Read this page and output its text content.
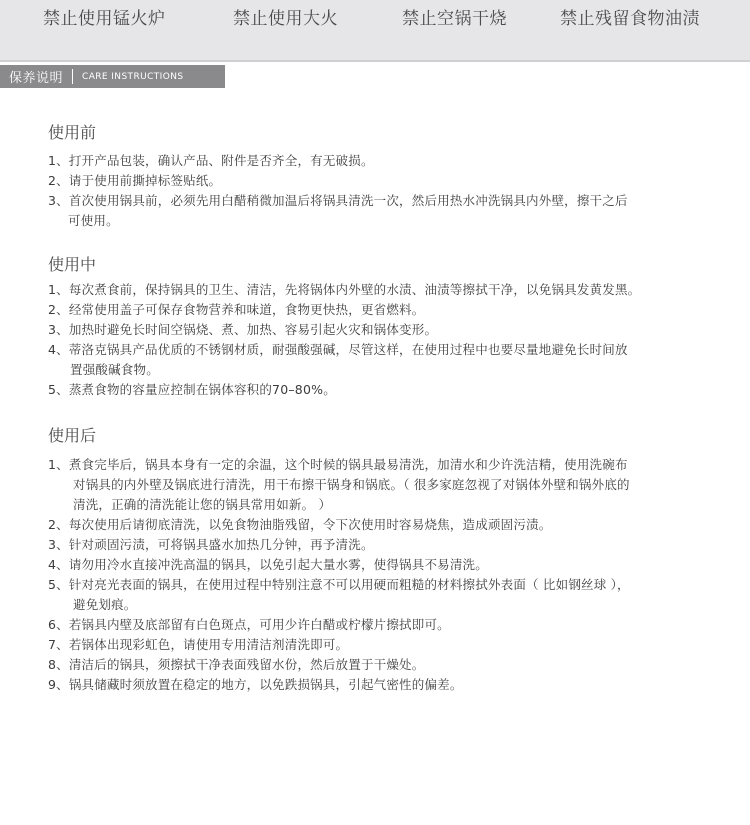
禁止使用锰火炉	禁止使用大火	禁止空锅干烧	禁止残留食物油渍
保养说明 CARE INSTRUCTIONS
使用前
1、打开产品包装，确认产品、附件是否齐全，有无破损。
2、请于使用前撕掉标签贴纸。
3、首次使用锅具前，必须先用白醋稍微加温后将锅具清洗一次，然后用热水冲洗锅具内外壁，擦干之后
可使用。
使用中
1、每次煮食前，保持锅具的卫生、清洁，先将锅体内外壁的水渍、油渍等擦拭干净，以免锅具发黄发黑。
2、经常使用盖子可保存食物营养和味道，食物更快热，更省燃料。
3、加热时避免长时间空锅烧、煮、加热、容易引起火灾和锅体变形。
4、蒂洛克锅具产品优质的不锈钢材质，耐强酸强碱，尽管这样，在使用过程中也要尽量地避免长时间放
置强酸碱食物。
5、蒸煮食物的容量应控制在锅体容积的70–80%。
使用后
1、煮食完毕后，锅具本身有一定的余温，这个时候的锅具最易清洗，加清水和少许洗洁精，使用洗碗布
对锅具的内外壁及锅底进行清洗，用干布擦干锅身和锅底。（ 很多家庭忽视了对锅体外壁和锅外底的
清洗，正确的清洗能让您的锅具常用如新。 ）
2、每次使用后请彻底清洗，以免食物油脂残留，令下次使用时容易烧焦，造成顽固污渍。
3、针对顽固污渍，可将锅具盛水加热几分钟，再予清洗。
4、请勿用冷水直接冲洗高温的锅具，以免引起大量水雾，使得锅具不易清洗。
5、针对亮光表面的锅具，在使用过程中特别注意不可以用硬而粗糙的材料擦拭外表面（ 比如钢丝球 ），
避免划痕。
6、若锅具内壁及底部留有白色斑点，可用少许白醋或柠檬片擦拭即可。
7、若锅体出现彩虹色，请使用专用清洁剂清洗即可。
8、清洁后的锅具，须擦拭干净表面残留水份，然后放置于干燥处。
9、锅具储藏时须放置在稳定的地方，以免跌损锅具，引起气密性的偏差。
